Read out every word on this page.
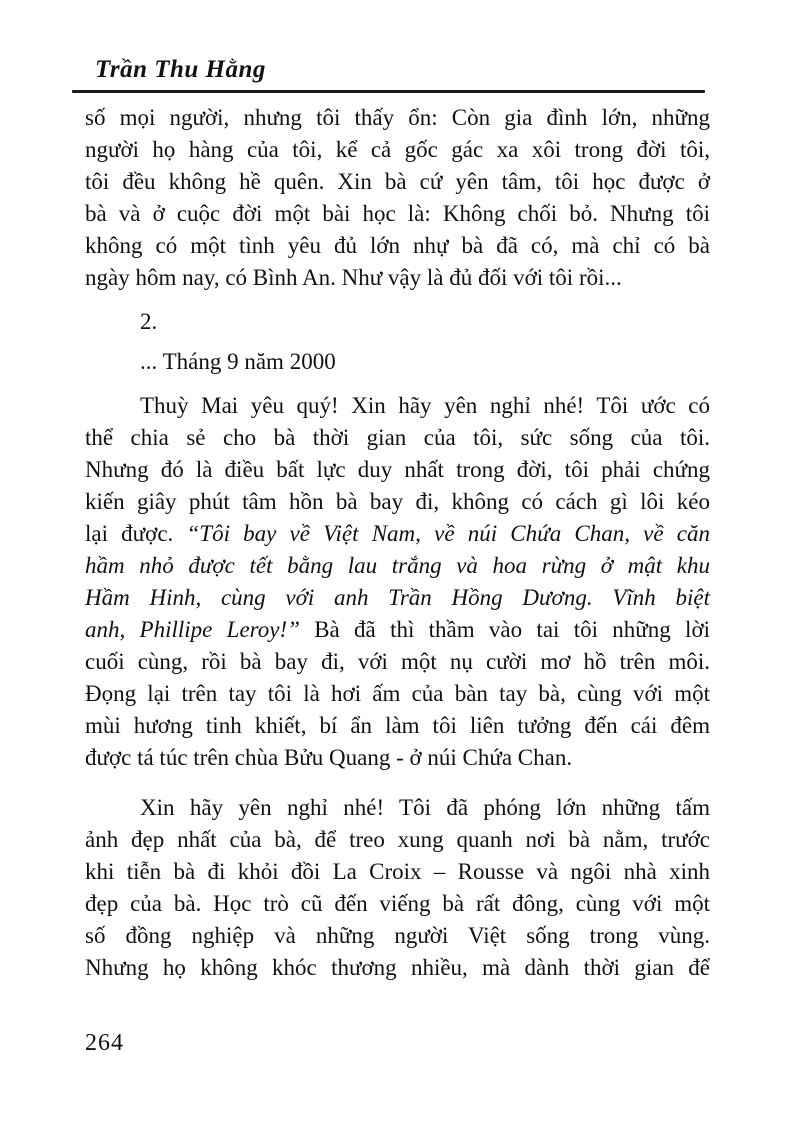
Trần Thu Hằng
số mọi người, nhưng tôi thấy ổn: Còn gia đình lớn, những
người họ hàng của tôi, kể cả gốc gác xa xôi trong đời tôi,
tôi đều không hề quên. Xin bà cứ yên tâm, tôi học được ở
bà và ở cuộc đời một bài học là: Không chối bỏ. Nhưng tôi
không có một tình yêu đủ lớn nhự bà đã có, mà chỉ có bà
ngày hôm nay, có Bình An. Như vậy là đủ đối với tôi rồi...
2.
... Tháng 9 năm 2000
Thuỳ Mai yêu quý! Xin hãy yên nghỉ nhé! Tôi ước có
thể chia sẻ cho bà thời gian của tôi, sức sống của tôi.
Nhưng đó là điều bất lực duy nhất trong đời, tôi phải chứng
kiến giây phút tâm hồn bà bay đi, không có cách gì lôi kéo
lại được. “Tôi bay về Việt Nam, về núi Chứa Chan, về căn
hầm nhỏ được tết bằng lau trắng và hoa rừng ở mật khu
Hầm Hinh, cùng với anh Trần Hồng Dương. Vĩnh biệt
anh, Phillipe Leroy!” Bà đã thì thầm vào tai tôi những lời
cuối cùng, rồi bà bay đi, với một nụ cười mơ hồ trên môi.
Đọng lại trên tay tôi là hơi ấm của bàn tay bà, cùng với một
mùi hương tinh khiết, bí ẩn làm tôi liên tưởng đến cái đêm
được tá túc trên chùa Bửu Quang - ở núi Chứa Chan.
Xin hãy yên nghỉ nhé! Tôi đã phóng lớn những tấm
ảnh đẹp nhất của bà, để treo xung quanh nơi bà nằm, trước
khi tiễn bà đi khỏi đồi La Croix – Rousse và ngôi nhà xinh
đẹp của bà. Học trò cũ đến viếng bà rất đông, cùng với một
số đồng nghiệp và những người Việt sống trong vùng.
Nhưng họ không khóc thương nhiều, mà dành thời gian để
264
